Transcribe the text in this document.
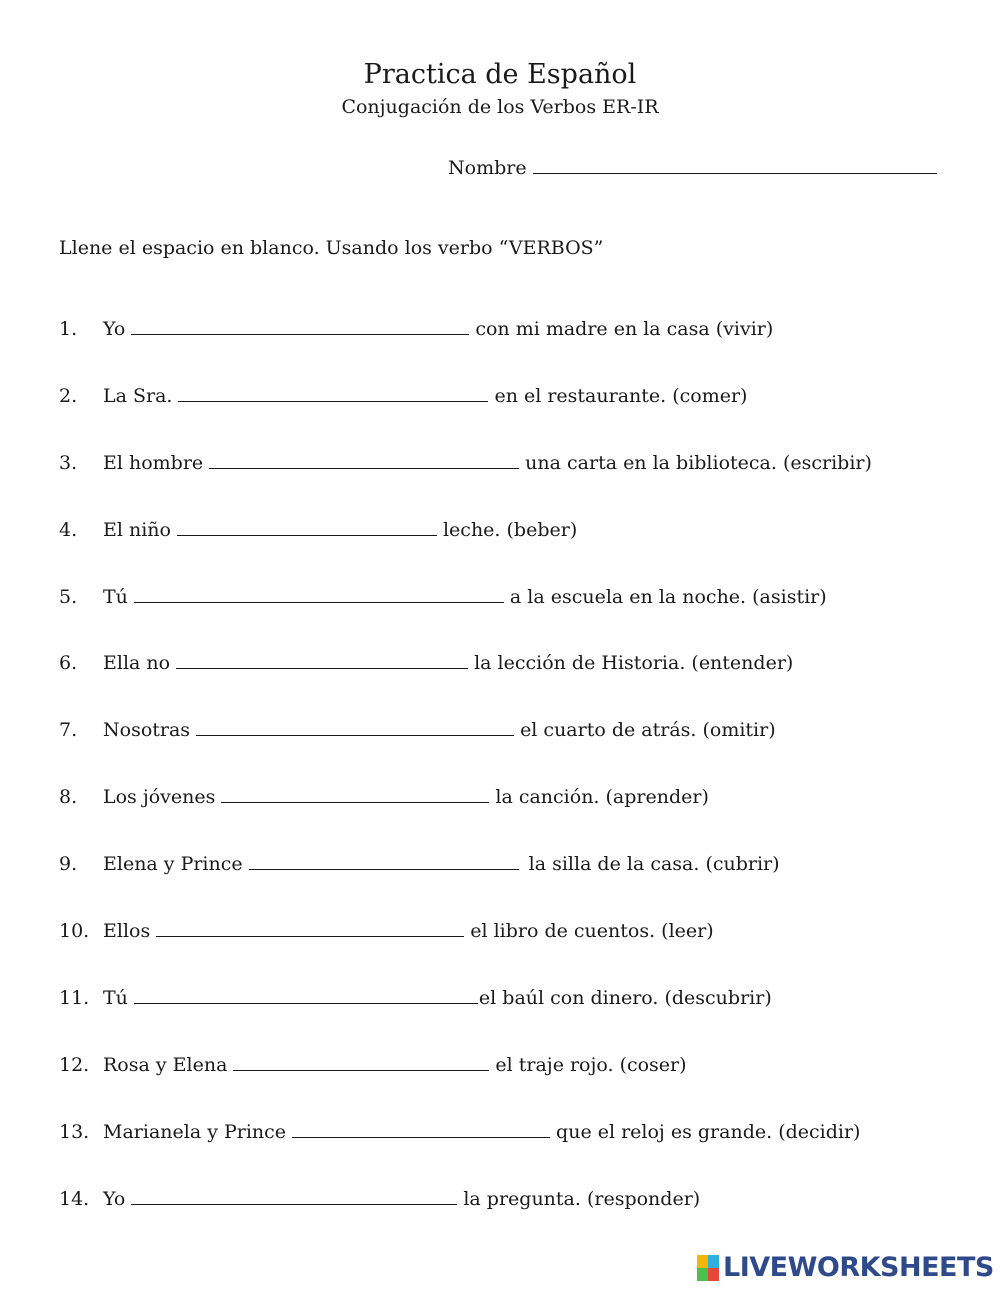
Practica de Español
Conjugación de los Verbos ER-IR
Nombre
Llene el espacio en blanco. Usando los verbo “VERBOS”
1.	Yo	con mi madre en la casa (vivir)
2.	La Sra.	en el restaurante. (comer)
3.	El hombre	una carta en la biblioteca. (escribir)
4.	El niño	leche. (beber)
5.	Tú	a la escuela en la noche. (asistir)
6.	Ella no	la lección de Historia. (entender)
7.	Nosotras	el cuarto de atrás. (omitir)
8.	Los jóvenes	la canción. (aprender)
9.	Elena y Prince	la silla de la casa. (cubrir)
10. Ellos	el libro de cuentos. (leer)
11. Tú	el baúl con dinero. (descubrir)
12. Rosa y Elena	el traje rojo. (coser)
13. Marianela y Prince	que el reloj es grande. (decidir)
14. Yo	la pregunta. (responder)
LIVEWORKSHEETS
